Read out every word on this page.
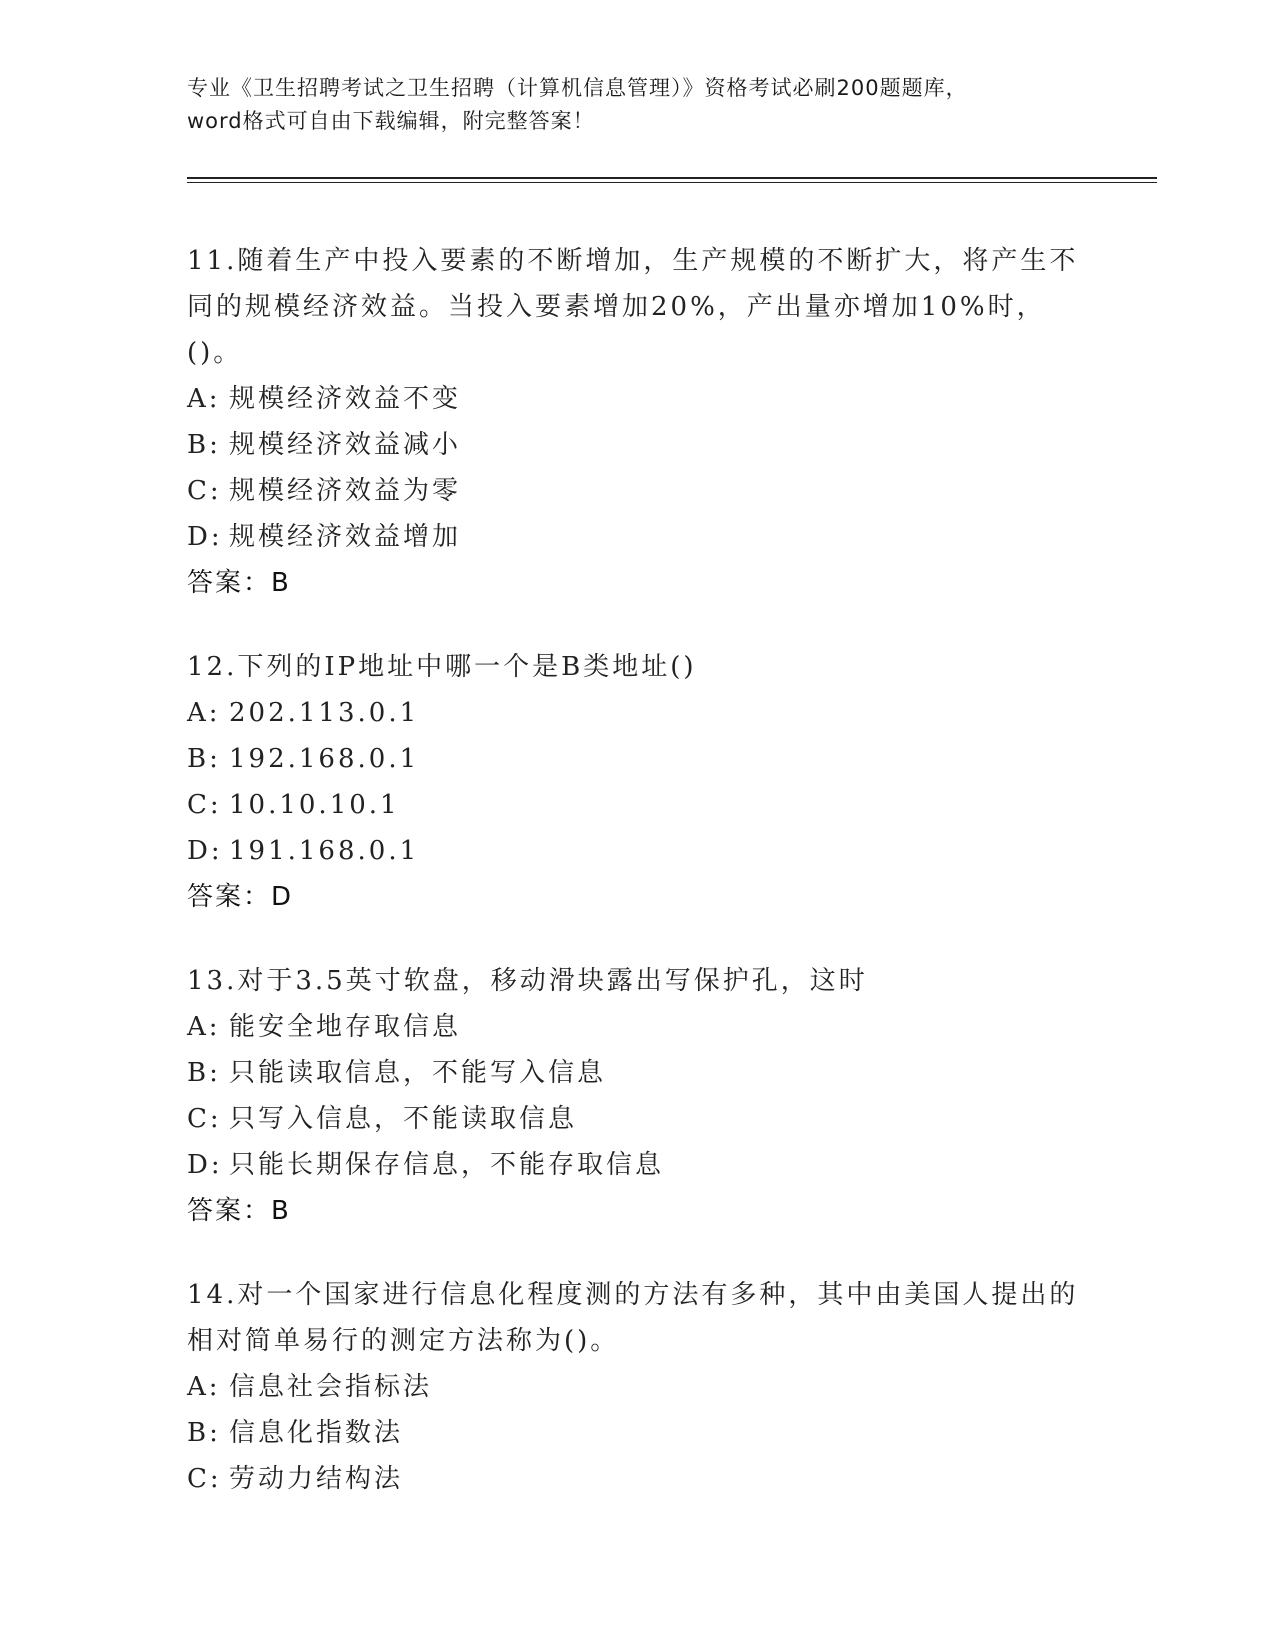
专业《卫生招聘考试之卫生招聘（计算机信息管理）》资格考试必刷200题题库，
word格式可自由下载编辑，附完整答案！
11.随着生产中投入要素的不断增加，生产规模的不断扩大，将产生不
同的规模经济效益。当投入要素增加20%，产出量亦增加10%时，()。
A: 规模经济效益不变
B: 规模经济效益减小
C: 规模经济效益为零
D: 规模经济效益增加
答案：B
12.下列的IP地址中哪一个是B类地址()
A: 202.113.0.1
B: 192.168.0.1
C: 10.10.10.1
D: 191.168.0.1
答案：D
13.对于3.5英寸软盘，移动滑块露出写保护孔，这时
A: 能安全地存取信息
B: 只能读取信息，不能写入信息
C: 只写入信息，不能读取信息
D: 只能长期保存信息，不能存取信息
答案：B
14.对一个国家进行信息化程度测的方法有多种，其中由美国人提出的
相对简单易行的测定方法称为()。
A: 信息社会指标法
B: 信息化指数法
C: 劳动力结构法
